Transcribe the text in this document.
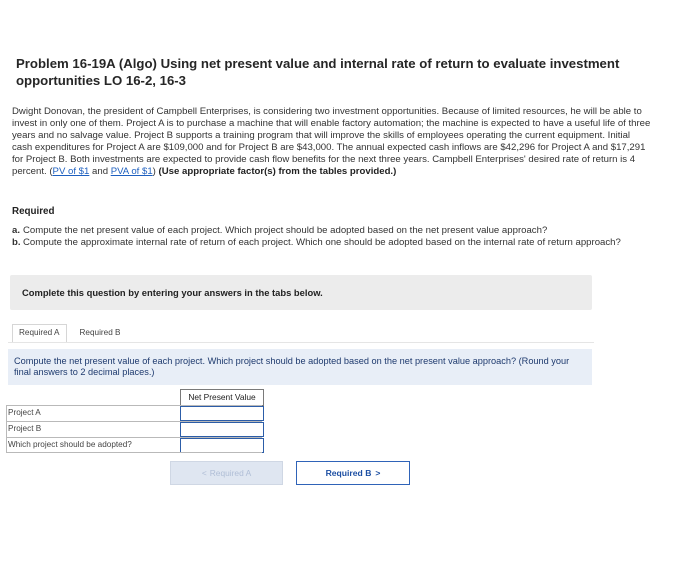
Problem 16-19A (Algo) Using net present value and internal rate of return to evaluate investment opportunities LO 16-2, 16-3
Dwight Donovan, the president of Campbell Enterprises, is considering two investment opportunities. Because of limited resources, he will be able to invest in only one of them. Project A is to purchase a machine that will enable factory automation; the machine is expected to have a useful life of three years and no salvage value. Project B supports a training program that will improve the skills of employees operating the current equipment. Initial cash expenditures for Project A are $109,000 and for Project B are $43,000. The annual expected cash inflows are $42,296 for Project A and $17,291 for Project B. Both investments are expected to provide cash flow benefits for the next three years. Campbell Enterprises' desired rate of return is 4 percent. (PV of $1 and PVA of $1) (Use appropriate factor(s) from the tables provided.)
Required
a. Compute the net present value of each project. Which project should be adopted based on the net present value approach?
b. Compute the approximate internal rate of return of each project. Which one should be adopted based on the internal rate of return approach?
Complete this question by entering your answers in the tabs below.
Required A	Required B
Compute the net present value of each project. Which project should be adopted based on the net present value approach? (Round your final answers to 2 decimal places.)
Net Present Value
Project A
Project B
Which project should be adopted?
< Required A	Required B >
